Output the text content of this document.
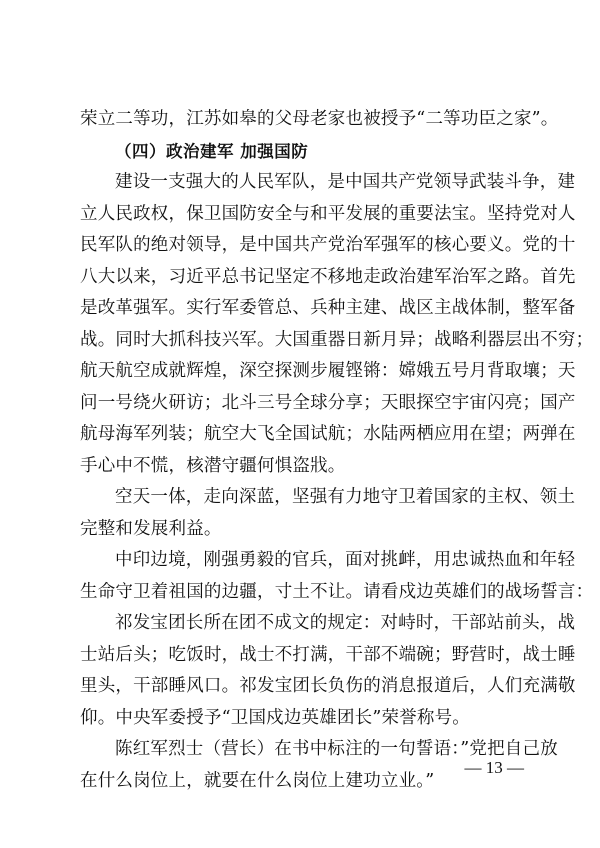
荣立二等功，江苏如皋的父母老家也被授予“二等功臣之家”。
（四）政治建军 加强国防
建设一支强大的人民军队，是中国共产党领导武装斗争，建
立人民政权，保卫国防安全与和平发展的重要法宝。坚持党对人
民军队的绝对领导，是中国共产党治军强军的核心要义。党的十
八大以来，习近平总书记坚定不移地走政治建军治军之路。首先
是改革强军。实行军委管总、兵种主建、战区主战体制，整军备
战。同时大抓科技兴军。大国重器日新月异；战略利器层出不穷；
航天航空成就辉煌，深空探测步履铿锵：嫦娥五号月背取壤；天
问一号绕火研访；北斗三号全球分享；天眼探空宇宙闪亮；国产
航母海军列装；航空大飞全国试航；水陆两栖应用在望；两弹在
手心中不慌，核潜守疆何惧盗戕。
空天一体，走向深蓝，坚强有力地守卫着国家的主权、领土
完整和发展利益。
中印边境，刚强勇毅的官兵，面对挑衅，用忠诚热血和年轻
生命守卫着祖国的边疆，寸土不让。请看戍边英雄们的战场誓言：
祁发宝团长所在团不成文的规定：对峙时，干部站前头，战
士站后头；吃饭时，战士不打满，干部不端碗；野营时，战士睡
里头，干部睡风口。祁发宝团长负伤的消息报道后，人们充满敬
仰。中央军委授予“卫国戍边英雄团长”荣誉称号。
陈红军烈士（营长）在书中标注的一句誓语：”党把自己放
在什么岗位上，就要在什么岗位上建功立业。”
— 13 —
